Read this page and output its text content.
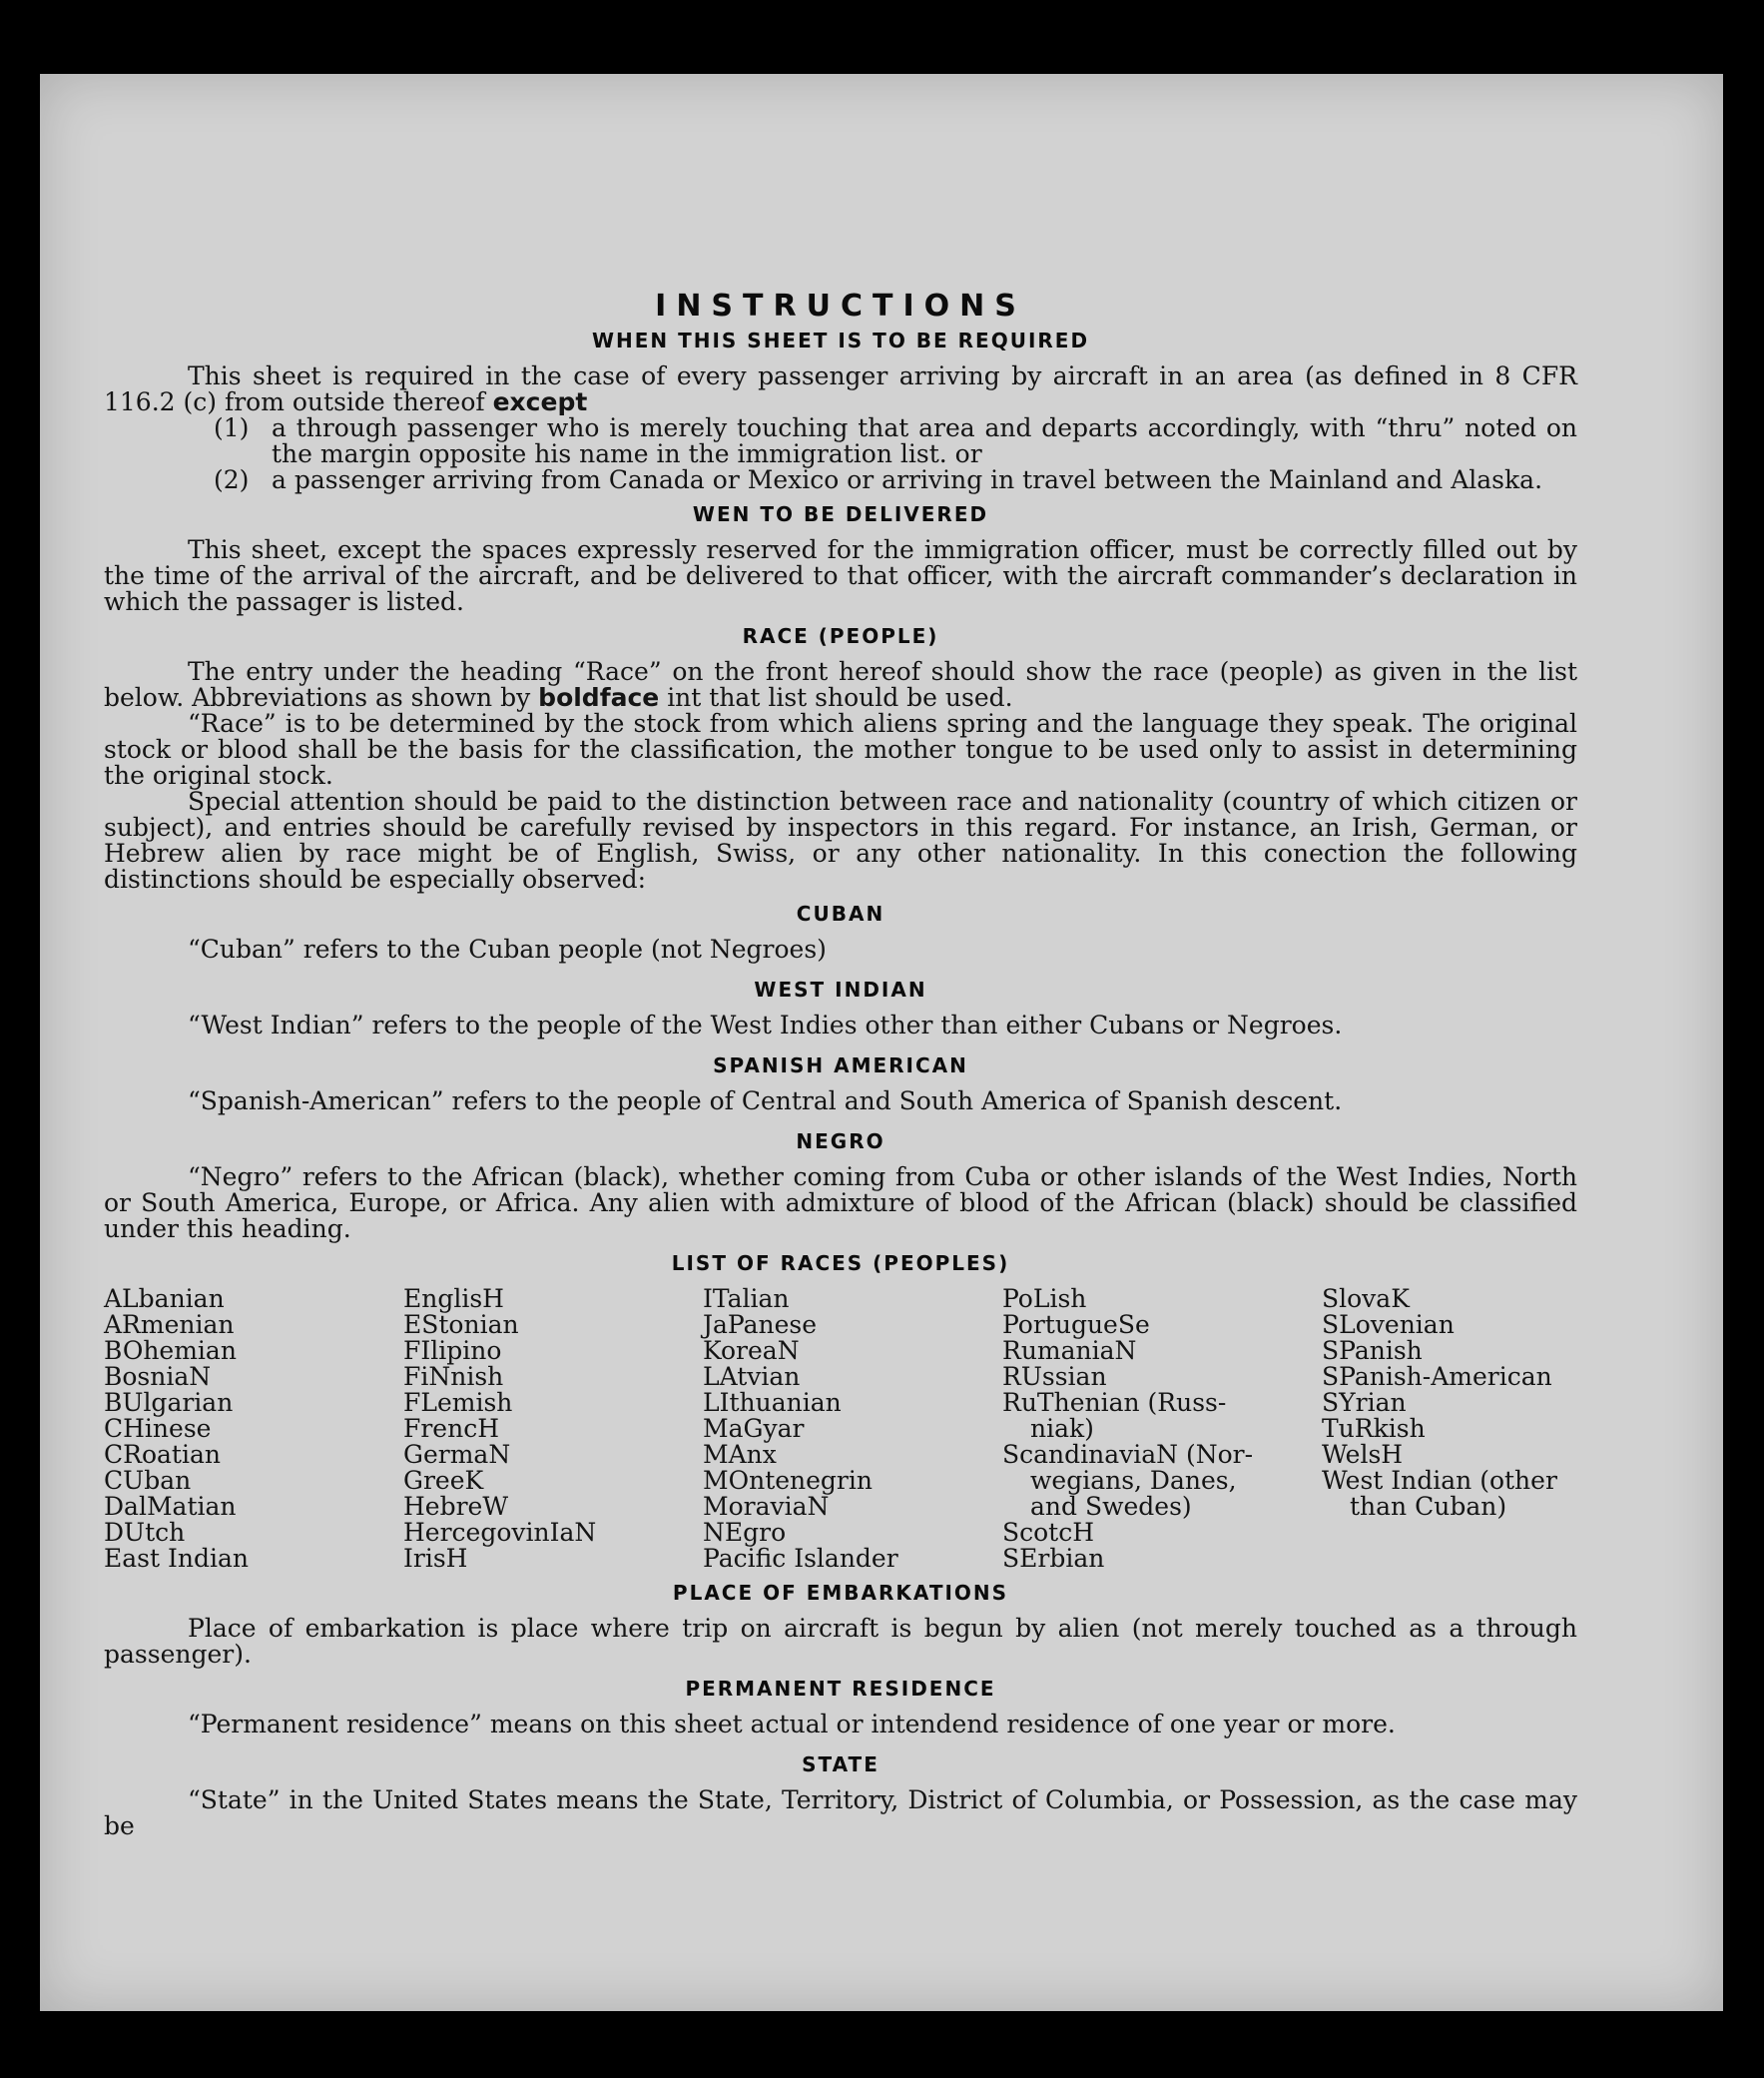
INSTRUCTIONS
WHEN THIS SHEET IS TO BE REQUIRED
This sheet is required in the case of every passenger arriving by aircraft in an area (as defined in 8 CFR 116.2 (c) from outside thereof except
(1) a through passenger who is merely touching that area and departs accordingly, with “thru” noted on the margin opposite his name in the immigration list. or
(2) a passenger arriving from Canada or Mexico or arriving in travel between the Mainland and Alaska.
WEN TO BE DELIVERED
This sheet, except the spaces expressly reserved for the immigration officer, must be correctly filled out by the time of the arrival of the aircraft, and be delivered to that officer, with the aircraft commander’s declaration in which the passager is listed.
RACE (PEOPLE)
The entry under the heading “Race” on the front hereof should show the race (people) as given in the list below. Abbreviations as shown by boldface int that list should be used.
“Race” is to be determined by the stock from which aliens spring and the language they speak. The original stock or blood shall be the basis for the classification, the mother tongue to be used only to assist in determining the original stock.
Special attention should be paid to the distinction between race and nationality (country of which citizen or subject), and entries should be carefully revised by inspectors in this regard. For instance, an Irish, German, or Hebrew alien by race might be of English, Swiss, or any other nationality. In this conection the following distinctions should be especially observed:
CUBAN
“Cuban” refers to the Cuban people (not Negroes)
WEST INDIAN
“West Indian” refers to the people of the West Indies other than either Cubans or Negroes.
SPANISH AMERICAN
“Spanish-American” refers to the people of Central and South America of Spanish descent.
NEGRO
“Negro” refers to the African (black), whether coming from Cuba or other islands of the West Indies, North or South America, Europe, or Africa. Any alien with admixture of blood of the African (black) should be classified under this heading.
LIST OF RACES (PEOPLES)
ALbanian
ARmenian
BOhemian
BosniaN
BUlgarian
CHinese
CRoatian
CUban
DalMatian
DUtch
East Indian
EnglisH
EStonian
FIlipino
FiNnish
FLemish
FrencH
GermaN
GreeK
HebreW
HercegovinIaN
IrisH
ITalian
JaPanese
KoreaN
LAtvian
LIthuanian
MaGyar
MAnx
MOntenegrin
MoraviaN
NEgro
Pacific Islander
PoLish
PortugueSe
RumaniaN
RUssian
RuThenian (Russ-
niak)
ScandinaviaN (Nor-
wegians, Danes,
and Swedes)
ScotcH
SErbian
SlovaK
SLovenian
SPanish
SPanish-American
SYrian
TuRkish
WelsH
West Indian (other
than Cuban)
PLACE OF EMBARKATIONS
Place of embarkation is place where trip on aircraft is begun by alien (not merely touched as a through passenger).
PERMANENT RESIDENCE
“Permanent residence” means on this sheet actual or intendend residence of one year or more.
STATE
“State” in the United States means the State, Territory, District of Columbia, or Possession, as the case may be
